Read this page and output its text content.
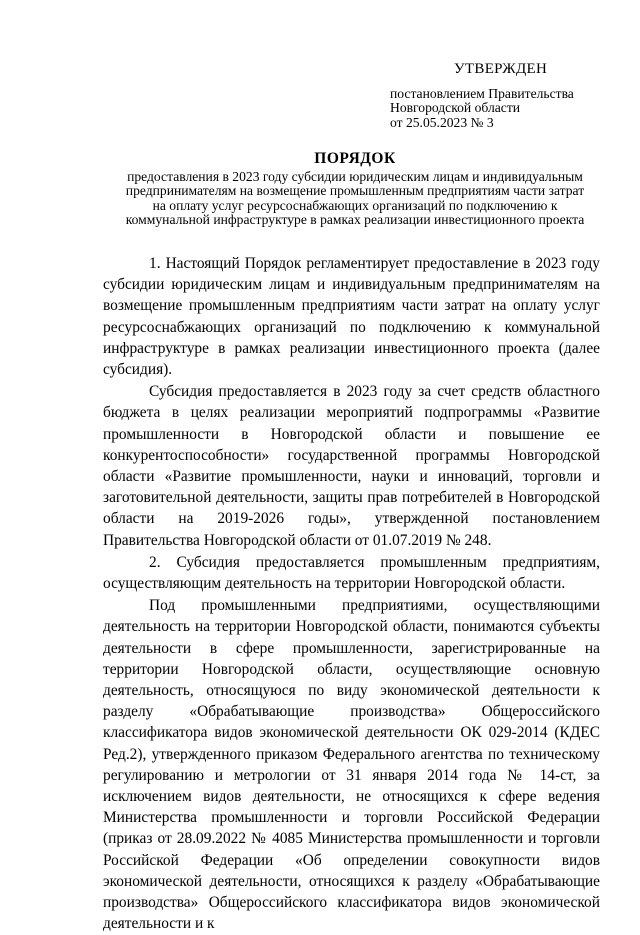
УТВЕРЖДЕН
постановлением Правительства
Новгородской области
от 25.05.2023 № 3
ПОРЯДОК
предоставления в 2023 году субсидии юридическим лицам и индивидуальным предпринимателям на возмещение промышленным предприятиям части затрат на оплату услуг ресурсоснабжающих организаций по подключению к коммунальной инфраструктуре в рамках реализации инвестиционного проекта

1. Настоящий Порядок регламентирует предоставление в 2023 году субсидии юридическим лицам и индивидуальным предпринимателям на возмещение промышленным предприятиям части затрат на оплату услуг ресурсоснабжающих организаций по подключению к коммунальной инфраструктуре в рамках реализации инвестиционного проекта (далее субсидия).

Субсидия предоставляется в 2023 году за счет средств областного бюджета в целях реализации мероприятий подпрограммы «Развитие промышленности в Новгородской области и повышение ее конкурентоспособности» государственной программы Новгородской области «Развитие промышленности, науки и инноваций, торговли и заготовительной деятельности, защиты прав потребителей в Новгородской области на 2019-2026 годы», утвержденной постановлением Правительства Новгородской области от 01.07.2019 № 248.

2. Субсидия предоставляется промышленным предприятиям, осуществляющим деятельность на территории Новгородской области.

Под промышленными предприятиями, осуществляющими деятельность на территории Новгородской области, понимаются субъекты деятельности в сфере промышленности, зарегистрированные на территории Новгородской области, осуществляющие основную деятельность, относящуюся по виду экономической деятельности к разделу «Обрабатывающие производства» Общероссийского классификатора видов экономической деятельности ОК 029-2014 (КДЕС Ред.2), утвержденного приказом Федерального агентства по техническому регулированию и метрологии от 31 января 2014 года № 14-ст, за исключением видов деятельности, не относящихся к сфере ведения Министерства промышленности и торговли Российской Федерации (приказ от 28.09.2022 № 4085 Министерства промышленности и торговли Российской Федерации «Об определении совокупности видов экономической деятельности, относящихся к разделу «Обрабатывающие производства» Общероссийского классификатора видов экономической деятельности и к
